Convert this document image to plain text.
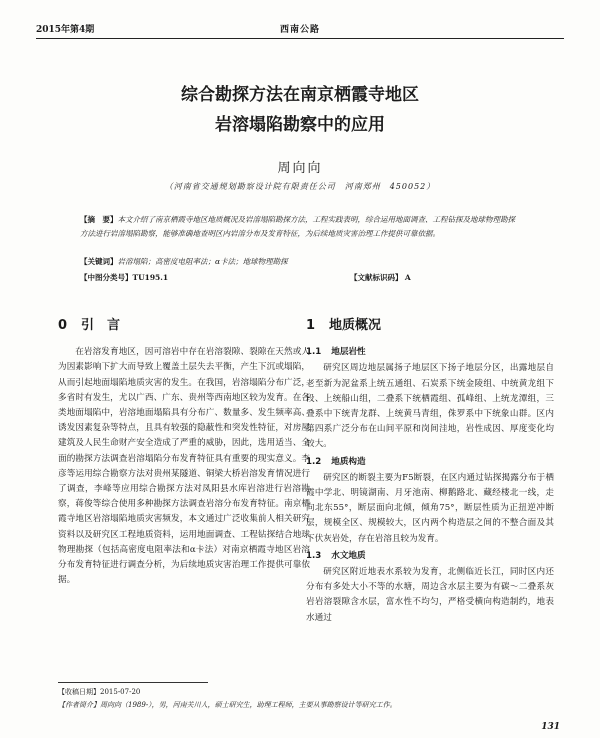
2015年第4期	西南公路
综合勘探方法在南京栖霞寺地区
岩溶塌陷勘察中的应用
周向向
（河南省交通规划勘察设计院有限责任公司　河南郑州　450052）
【摘　要】本文介绍了南京栖霞寺地区地质概况及岩溶塌陷勘探方法，工程实践表明，综合运用地面调查、工程钻探及地球物理勘探方法进行岩溶塌陷勘察，能够准确地查明区内岩溶分布及发育特征，为后续地质灾害治理工作提供可靠依据。
【关键词】岩溶塌陷；高密度电阻率法；α卡法；地球物理勘探
【中图分类号】TU195.1	【文献标识码】 A
0 引　言

在岩溶发育地区，因可溶岩中存在岩溶裂隙、裂隙在天然或人为因素影响下扩大而导致上覆盖土层失去平衡，产生下沉或塌陷，从而引起地面塌陷地质灾害的发生。在我国，岩溶塌陷分布广泛，多省时有发生，尤以广西、广东、贵州等西南地区较为发育。在各类地面塌陷中，岩溶地面塌陷具有分布广、数量多、发生频率高、诱发因素复杂等特点，且具有较强的隐蔽性和突发性特征，对房屋建筑及人民生命财产安全造成了严重的威胁，因此，选用适当、全面的勘探方法调查岩溶塌陷分布发育特征具有重要的现实意义。李彦等运用综合勘察方法对贵州某隧道、铜梁大桥岩溶发育情况进行了调查，李峰等应用综合勘探方法对凤阳县水库岩溶进行岩溶勘察，蒋俊等综合使用多种勘探方法调查岩溶分布发育特征。南京栖霞寺地区岩溶塌陷地质灾害频发，本文通过广泛收集前人相关研究资料以及研究区工程地质资料，运用地面调查、工程钻探结合地球物理勘探（包括高密度电阻率法和α卡法）对南京栖霞寺地区岩溶分布发育特征进行调查分析，为后续地质灾害治理工作提供可靠依据。

1 地质概况
1.1 地层岩性

研究区周边地层属扬子地层区下扬子地层分区，出露地层自老至新为泥盆系上统五通组、石炭系下统金陵组、中统黄龙组下段、上统船山组，二叠系下统栖霞组、孤峰组、上统龙潭组，三叠系中下统青龙群、上统黄马青组，侏罗系中下统象山群。区内第四系广泛分布在山间平原和岗间洼地，岩性成因、厚度变化均较大。

1.2 地质构造

研究区的断裂主要为F5断裂，在区内通过钻探揭露分布于栖霞中学北、明镜湖南、月牙池南、柳鹅路北、藏经楼北一线，走向北东55°，断层面向北倾，倾角75°，断层性质为正扭逆冲断层，规模全区、规模较大，区内两个构造层之间的不整合面及其下伏灰岩处，存在岩溶且较为发育。

1.3 水文地质

研究区附近地表水系较为发育，北侧临近长江，同时区内还分布有多处大小不等的水塘，周边含水层主要为有碳～二叠系灰岩岩溶裂隙含水层，富水性不均匀，严格受横向构造制约，地表水通过

【收稿日期】2015-07-20
【作者简介】周向向（1989-），男，河南关川人，硕士研究生，助理工程师，主要从事勘察设计等研究工作。
131
